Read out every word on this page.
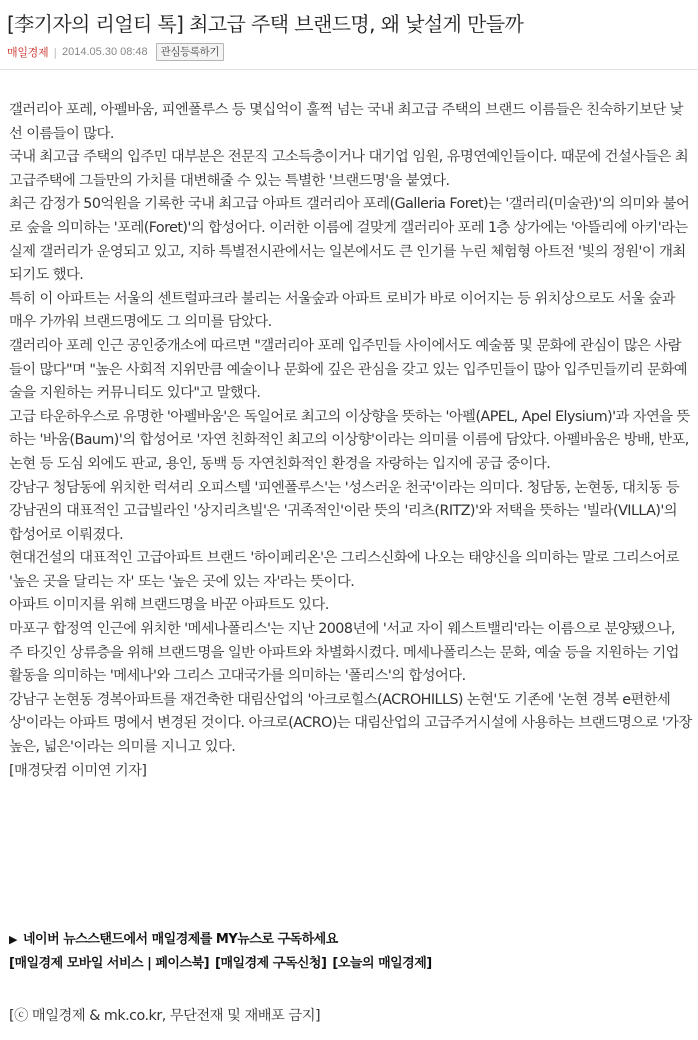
[李기자의 리얼티 톡] 최고급 주택 브랜드명, 왜 낯설게 만들까
매일경제 | 2014.05.30 08:48	관심등록하기

갤러리아 포레, 아펠바움, 피엔폴루스 등 몇십억이 훌쩍 넘는 국내 최고급 주택의 브랜드 이름들은 친숙하기보단 낯선 이름들이 많다.

국내 최고급 주택의 입주민 대부분은 전문직 고소득층이거나 대기업 임원, 유명연예인들이다. 때문에 건설사들은 최고급주택에 그들만의 가치를 대변해줄 수 있는 특별한 '브랜드명'을 붙였다.

최근 감정가 50억원을 기록한 국내 최고급 아파트 갤러리아 포레(Galleria Foret)는 '갤러리(미술관)'의 의미와 불어로 숲을 의미하는 '포레(Foret)'의 합성어다. 이러한 이름에 걸맞게 갤러리아 포레 1층 상가에는 '아뜰리에 아키'라는 실제 갤러리가 운영되고 있고, 지하 특별전시관에서는 일본에서도 큰 인기를 누린 체험형 아트전 '빛의 정원'이 개최되기도 했다.

특히 이 아파트는 서울의 센트럴파크라 불리는 서울숲과 아파트 로비가 바로 이어지는 등 위치상으로도 서울 숲과 매우 가까워 브랜드명에도 그 의미를 담았다.

갤러리아 포레 인근 공인중개소에 따르면 "갤러리아 포레 입주민들 사이에서도 예술품 및 문화에 관심이 많은 사람들이 많다"며 "높은 사회적 지위만큼 예술이나 문화에 깊은 관심을 갖고 있는 입주민들이 많아 입주민들끼리 문화예술을 지원하는 커뮤니티도 있다"고 말했다.

고급 타운하우스로 유명한 '아펠바움'은 독일어로 최고의 이상향을 뜻하는 '아펠(APEL, Apel Elysium)'과 자연을 뜻하는 '바움(Baum)'의 합성어로 '자연 친화적인 최고의 이상향'이라는 의미를 이름에 담았다. 아펠바움은 방배, 반포, 논현 등 도심 외에도 판교, 용인, 동백 등 자연친화적인 환경을 자랑하는 입지에 공급 중이다.

강남구 청담동에 위치한 럭셔리 오피스텔 '피엔폴루스'는 '성스러운 천국'이라는 의미다. 청담동, 논현동, 대치동 등 강남권의 대표적인 고급빌라인 '상지리츠빌'은 '귀족적인'이란 뜻의 '리츠(RITZ)'와 저택을 뜻하는 '빌라(VILLA)'의 합성어로 이뤄졌다.

현대건설의 대표적인 고급아파트 브랜드 '하이페리온'은 그리스신화에 나오는 태양신을 의미하는 말로 그리스어로 '높은 곳을 달리는 자' 또는 '높은 곳에 있는 자'라는 뜻이다.

아파트 이미지를 위해 브랜드명을 바꾼 아파트도 있다.

마포구 합정역 인근에 위치한 '메세나폴리스'는 지난 2008년에 '서교 자이 웨스트밸리'라는 이름으로 분양됐으나, 주 타깃인 상류층을 위해 브랜드명을 일반 아파트와 차별화시켰다. 메세나폴리스는 문화, 예술 등을 지원하는 기업 활동을 의미하는 '메세나'와 그리스 고대국가를 의미하는 '폴리스'의 합성어다.

강남구 논현동 경복아파트를 재건축한 대림산업의 '아크로힐스(ACROHILLS) 논현'도 기존에 '논현 경복 e편한세상'이라는 아파트 명에서 변경된 것이다. 아크로(ACRO)는 대림산업의 고급주거시설에 사용하는 브랜드명으로 '가장 높은, 넓은'이라는 의미를 지니고 있다.

[매경닷컴 이미연 기자]

▶ 네이버 뉴스스탠드에서 매일경제를 MY뉴스로 구독하세요
[매일경제 모바일 서비스 | 페이스북] [매일경제 구독신청] [오늘의 매일경제]
[ⓒ 매일경제 & mk.co.kr, 무단전재 및 재배포 금지]
